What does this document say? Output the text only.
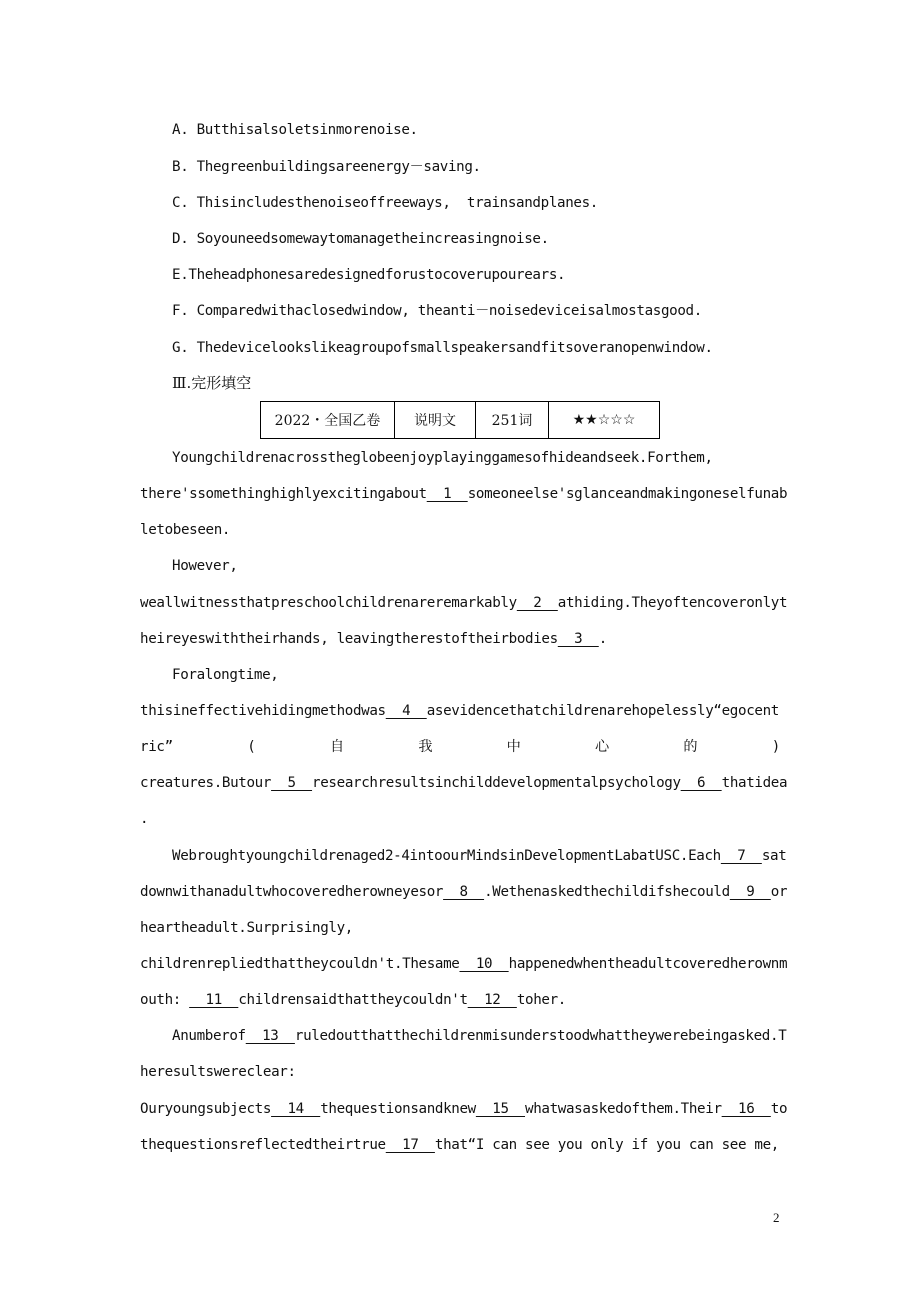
A. Butthisalsoletsinmorenoise.
B. Thegreenbuildingsareenergy－saving.
C. Thisincludesthenoiseoffreeways,  trainsandplanes.
D. Soyouneedsomewaytomanagetheincreasingnoise.
E.Theheadphonesaredesignedforustocoverupourears.
F. Comparedwithaclosedwindow, theanti－noisedeviceisalmostasgood.
G. Thedevicelookslikeagroupofsmallspeakersandfitsoveranopenwindow.
Ⅲ.完形填空
2022・全国乙卷	说明文	251词	★★☆☆☆
Youngchildrenacrosstheglobeenjoyplayinggamesofhideandseek.Forthem,
there'ssomethinghighlyexcitingabout  1  someoneelse'sglanceandmakingoneselfunab
letobeseen.
However,
weallwitnessthatpreschoolchildrenareremarkably  2  athiding.Theyoftencoveronlyt
heireyeswiththeirhands, leavingtherestoftheirbodies  3  .
Foralongtime,
thisineffectivehidingmethodwas  4  asevidencethatchildrenarehopelessly“egocent
ric”	(	自	我	中	心	的	)
creatures.Butour  5  researchresultsinchilddevelopmentalpsychology  6  thatidea
.
Webroughtyoungchildrenaged2-4intoourMindsinDevelopmentLabatUSC.Each  7  sat
downwithanadultwhocoveredherowneyesor  8  .Wethenaskedthechildifshecould  9  or
heartheadult.Surprisingly,
childrenrepliedthattheycouldn't.Thesame  10  happenedwhentheadultcoveredherownm
outh:   11  childrensaidthattheycouldn't  12  toher.
Anumberof  13  ruledoutthatthechildrenmisunderstoodwhattheywerebeingasked.T
heresultswereclear:
Ouryoungsubjects  14  thequestionsandknew  15  whatwasaskedofthem.Their  16  to
thequestionsreflectedtheirtrue  17  that“I can see you only if you can see me,
2
